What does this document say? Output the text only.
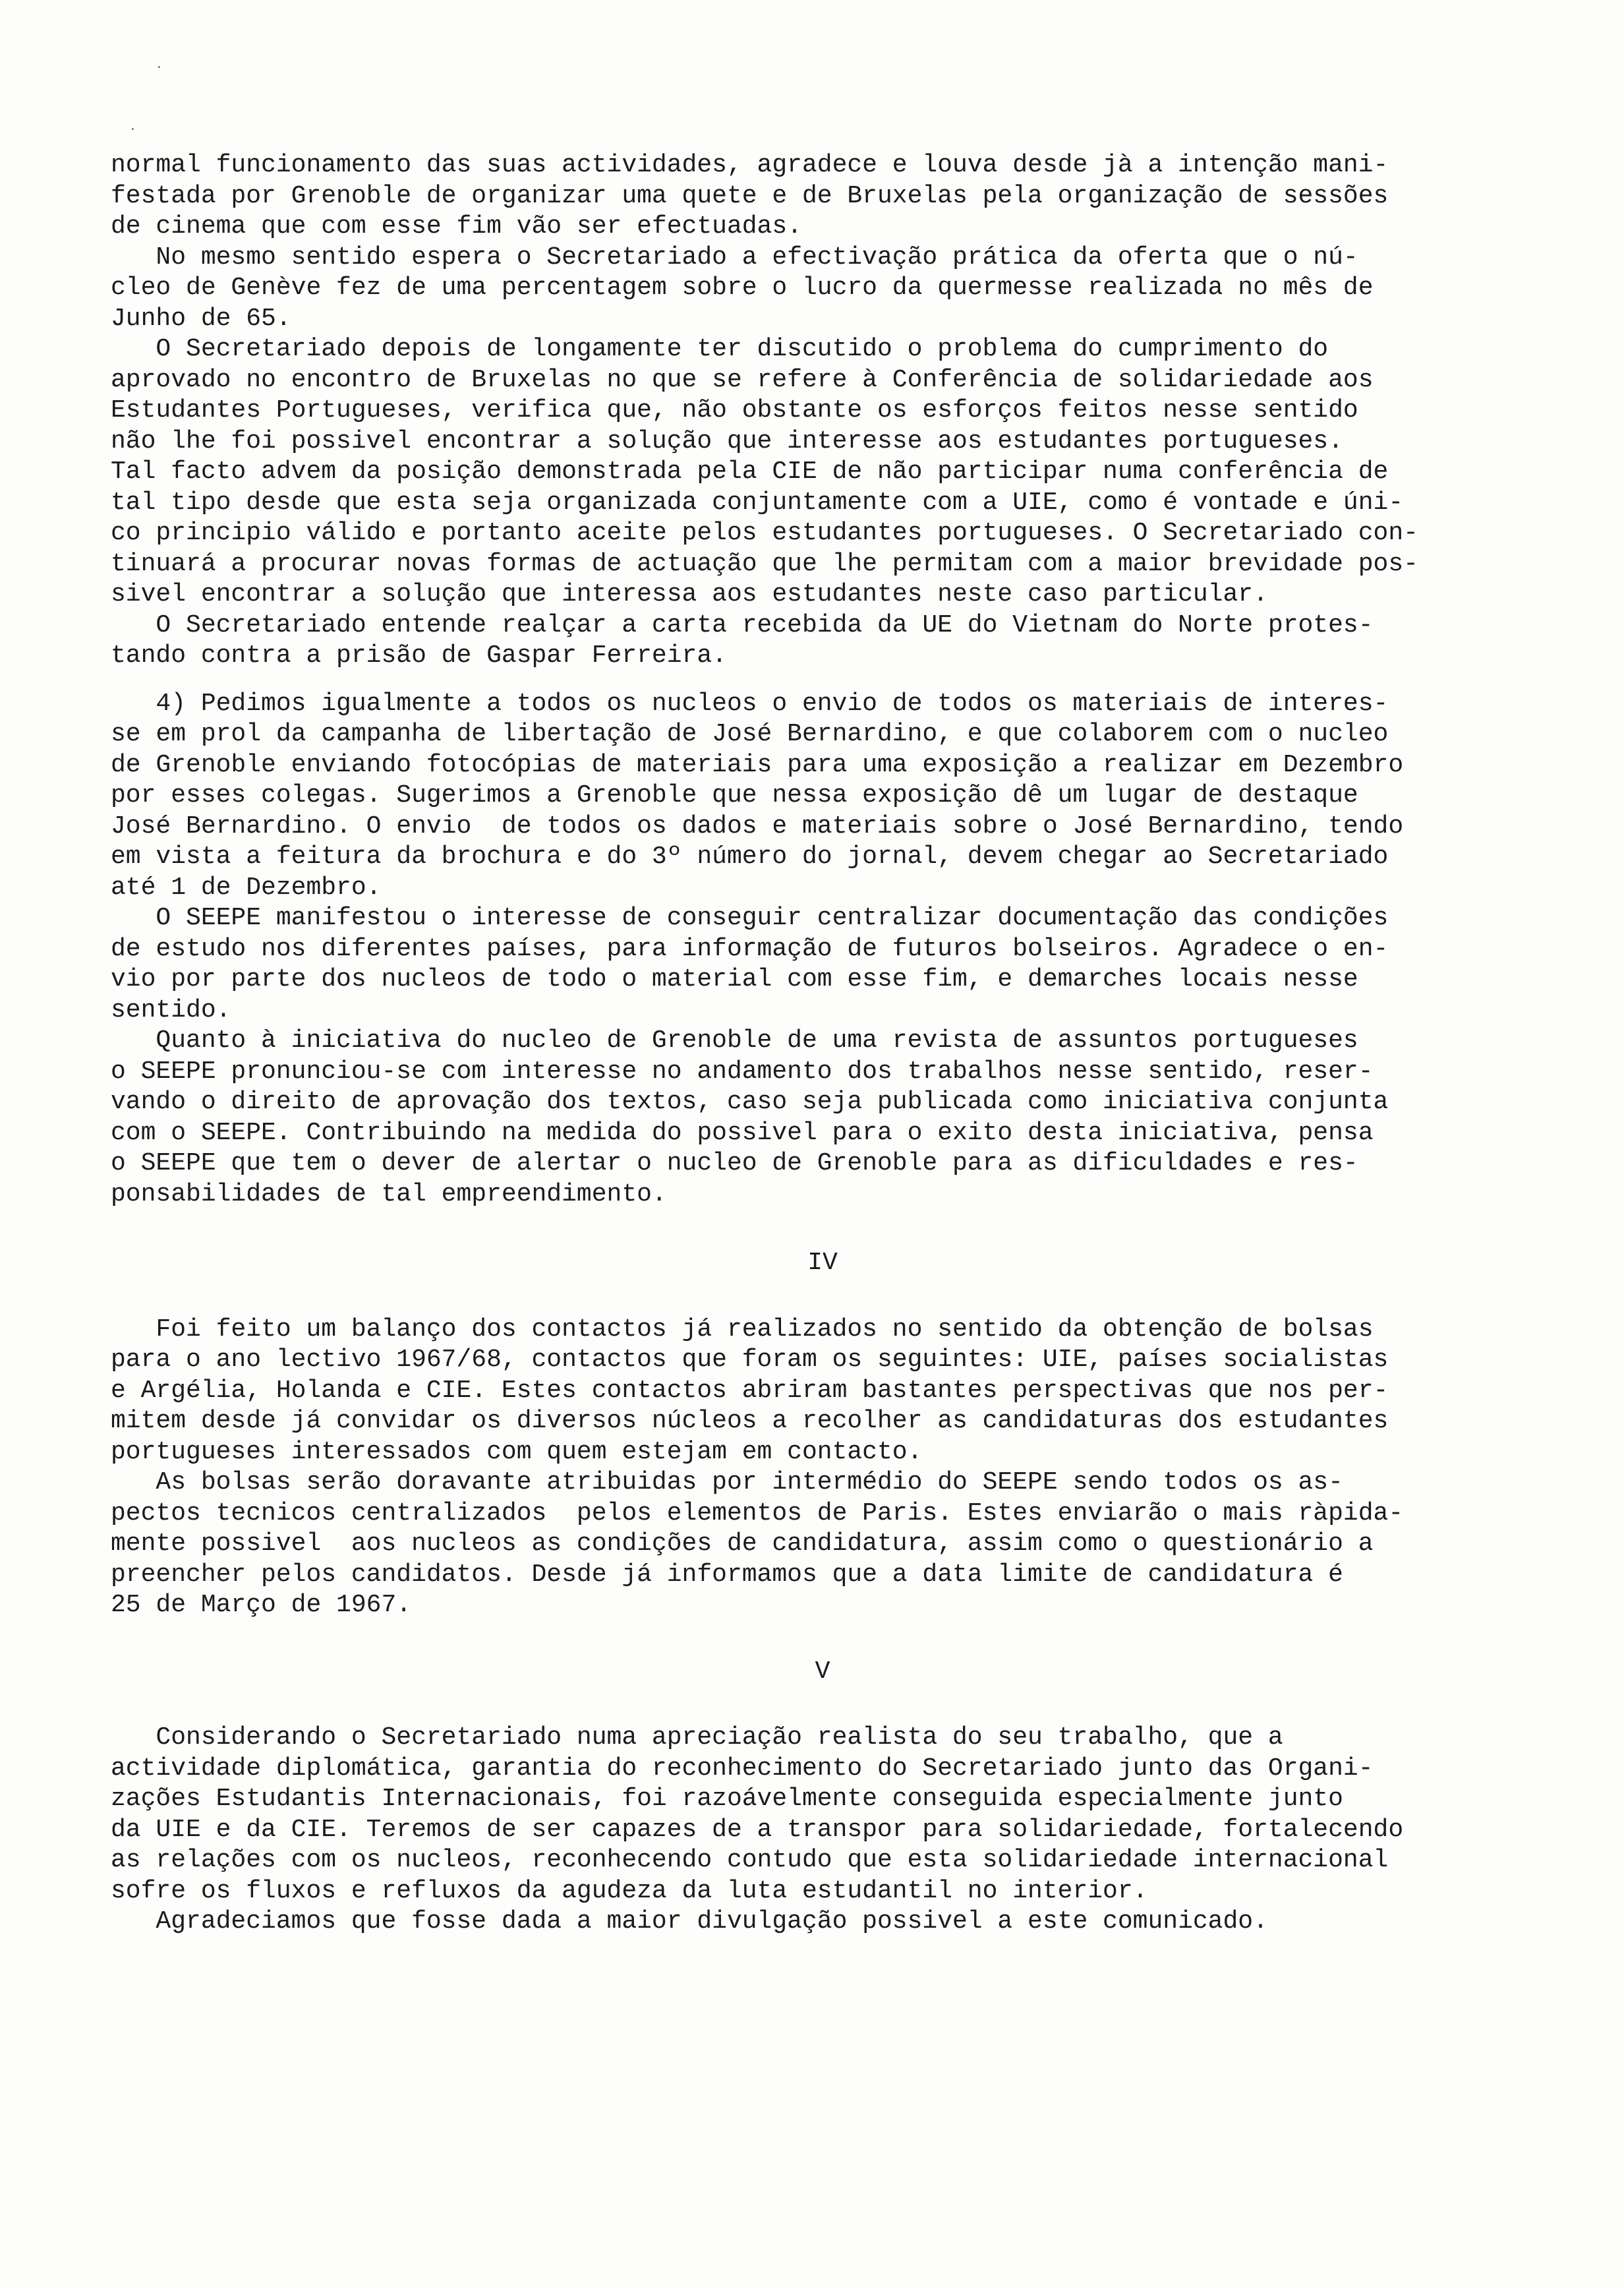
·
·
normal funcionamento das suas actividades, agradece e louva desde jà a intenção mani-
festada por Grenoble de organizar uma quete e de Bruxelas pela organização de sessões
de cinema que com esse fim vão ser efectuadas.
No mesmo sentido espera o Secretariado a efectivação prática da oferta que o nú-
cleo de Genève fez de uma percentagem sobre o lucro da quermesse realizada no mês de
Junho de 65.
O Secretariado depois de longamente ter discutido o problema do cumprimento do
aprovado no encontro de Bruxelas no que se refere à Conferência de solidariedade aos
Estudantes Portugueses, verifica que, não obstante os esforços feitos nesse sentido
não lhe foi possivel encontrar a solução que interesse aos estudantes portugueses.
Tal facto advem da posição demonstrada pela CIE de não participar numa conferência de
tal tipo desde que esta seja organizada conjuntamente com a UIE, como é vontade e úni-
co principio válido e portanto aceite pelos estudantes portugueses. O Secretariado con-
tinuará a procurar novas formas de actuação que lhe permitam com a maior brevidade pos-
sivel encontrar a solução que interessa aos estudantes neste caso particular.
O Secretariado entende realçar a carta recebida da UE do Vietnam do Norte protes-
tando contra a prisão de Gaspar Ferreira.
4) Pedimos igualmente a todos os nucleos o envio de todos os materiais de interes-
se em prol da campanha de libertação de José Bernardino, e que colaborem com o nucleo
de Grenoble enviando fotocópias de materiais para uma exposição a realizar em Dezembro
por esses colegas. Sugerimos a Grenoble que nessa exposição dê um lugar de destaque
José Bernardino. O envio  de todos os dados e materiais sobre o José Bernardino, tendo
em vista a feitura da brochura e do 3º número do jornal, devem chegar ao Secretariado
até 1 de Dezembro.
O SEEPE manifestou o interesse de conseguir centralizar documentação das condições
de estudo nos diferentes países, para informação de futuros bolseiros. Agradece o en-
vio por parte dos nucleos de todo o material com esse fim, e demarches locais nesse
sentido.
Quanto à iniciativa do nucleo de Grenoble de uma revista de assuntos portugueses
o SEEPE pronunciou-se com interesse no andamento dos trabalhos nesse sentido, reser-
vando o direito de aprovação dos textos, caso seja publicada como iniciativa conjunta
com o SEEPE. Contribuindo na medida do possivel para o exito desta iniciativa, pensa
o SEEPE que tem o dever de alertar o nucleo de Grenoble para as dificuldades e res-
ponsabilidades de tal empreendimento.
IV
Foi feito um balanço dos contactos já realizados no sentido da obtenção de bolsas
para o ano lectivo 1967/68, contactos que foram os seguintes: UIE, países socialistas
e Argélia, Holanda e CIE. Estes contactos abriram bastantes perspectivas que nos per-
mitem desde já convidar os diversos núcleos a recolher as candidaturas dos estudantes
portugueses interessados com quem estejam em contacto.
As bolsas serão doravante atribuidas por intermédio do SEEPE sendo todos os as-
pectos tecnicos centralizados  pelos elementos de Paris. Estes enviarão o mais ràpida-
mente possivel  aos nucleos as condições de candidatura, assim como o questionário a
preencher pelos candidatos. Desde já informamos que a data limite de candidatura é
25 de Março de 1967.
V
Considerando o Secretariado numa apreciação realista do seu trabalho, que a
actividade diplomática, garantia do reconhecimento do Secretariado junto das Organi-
zações Estudantis Internacionais, foi razoávelmente conseguida especialmente junto
da UIE e da CIE. Teremos de ser capazes de a transpor para solidariedade, fortalecendo
as relações com os nucleos, reconhecendo contudo que esta solidariedade internacional
sofre os fluxos e refluxos da agudeza da luta estudantil no interior.
Agradeciamos que fosse dada a maior divulgação possivel a este comunicado.
